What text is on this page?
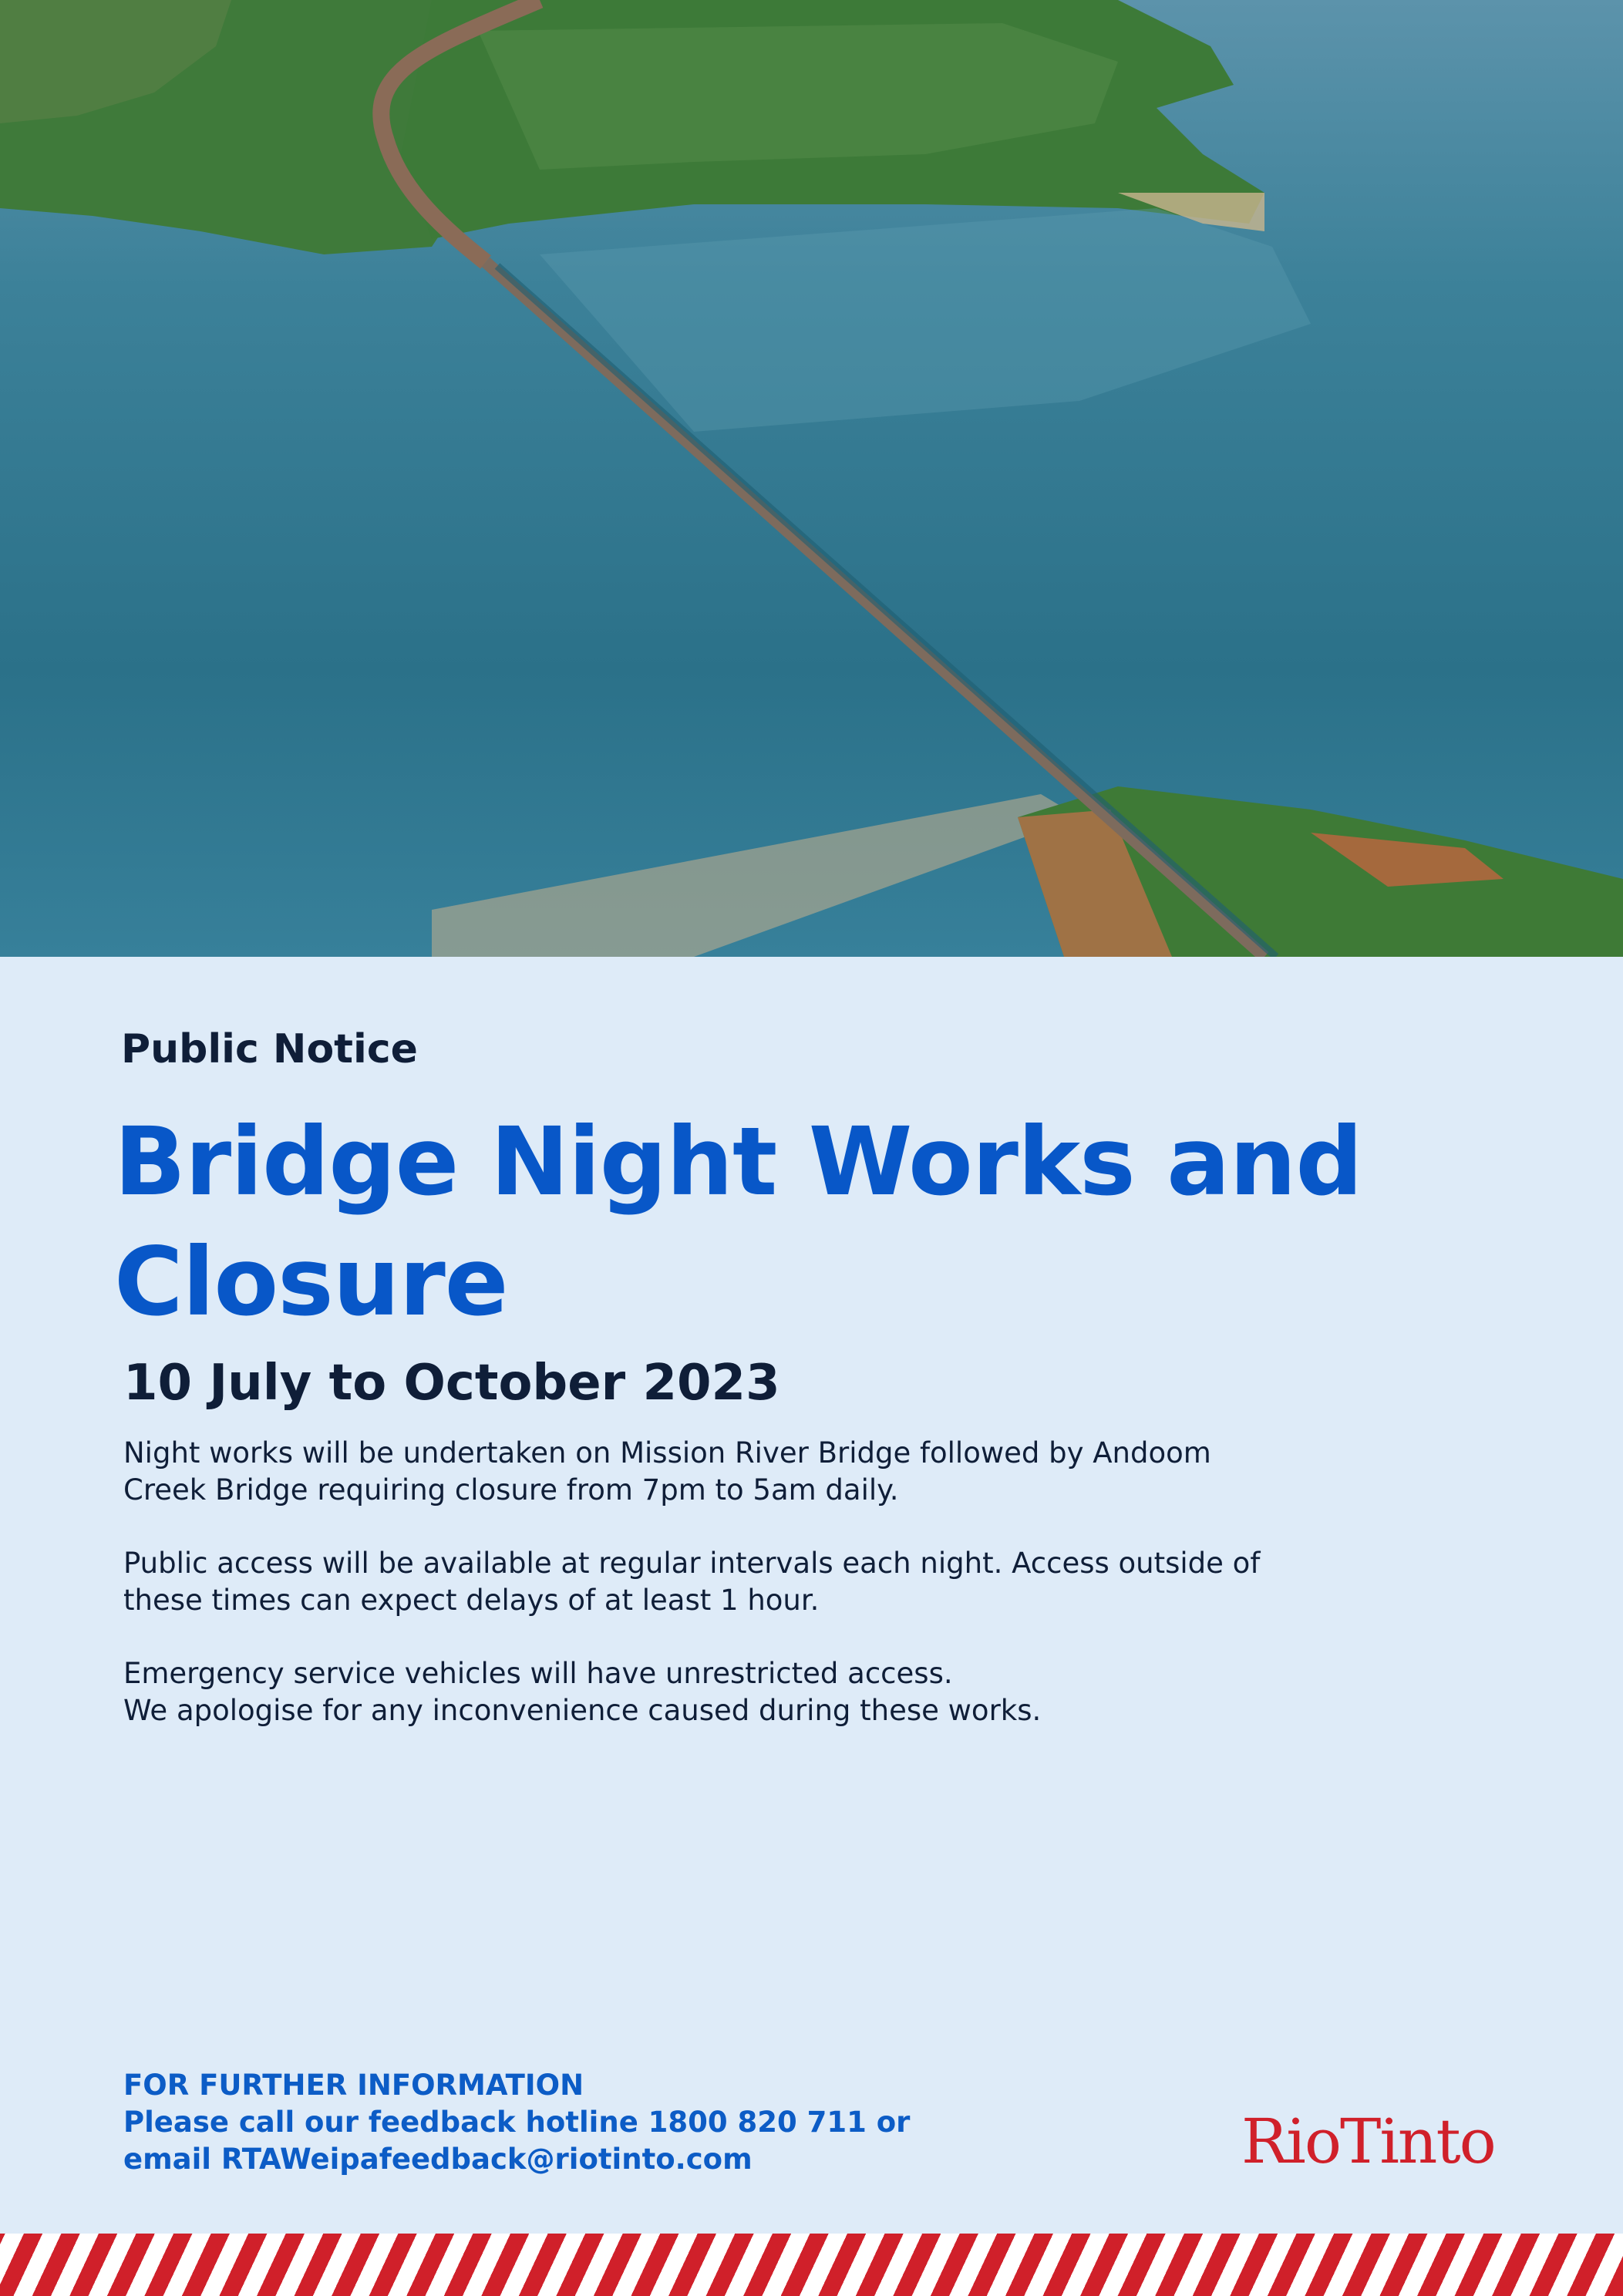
Public Notice
Bridge Night Works and Closure
10 July to October 2023

Night works will be undertaken on Mission River Bridge followed by Andoom
Creek Bridge requiring closure from 7pm to 5am daily.

Public access will be available at regular intervals each night. Access outside of
these times can expect delays of at least 1 hour.

Emergency service vehicles will have unrestricted access.
We apologise for any inconvenience caused during these works.

FOR FURTHER INFORMATION
Please call our feedback hotline 1800 820 711 or
email RTAWeipafeedback@riotinto.com	RioTinto
